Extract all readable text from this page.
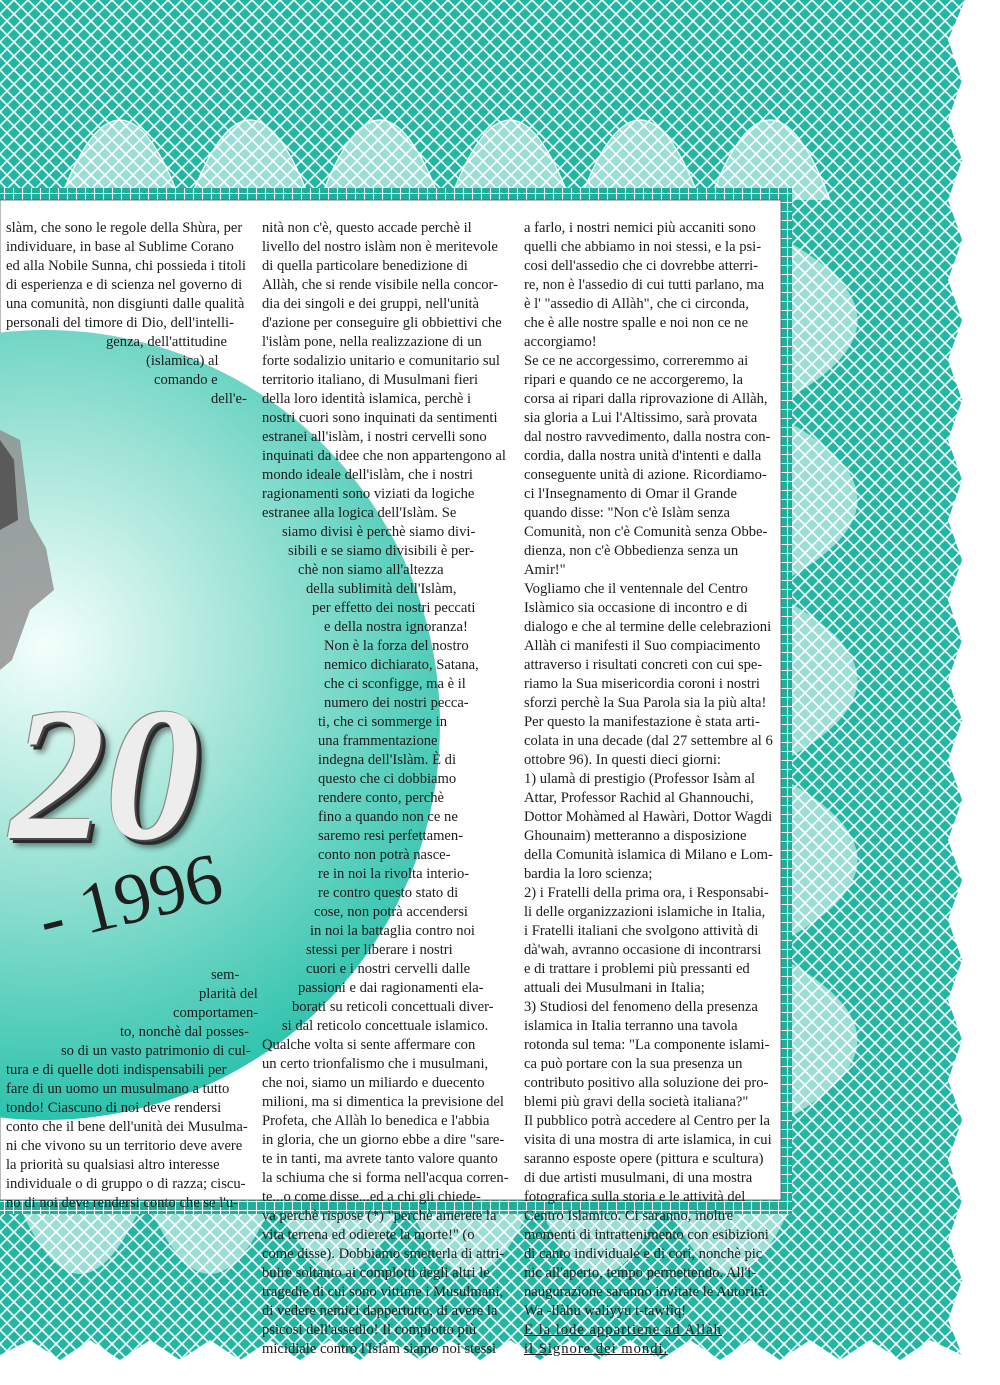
20
- 1996
slàm, che sono le regole della Shùra, per
individuare, in base al Sublime Corano
ed alla Nobile Sunna, chi possieda i titoli
di esperienza e di scienza nel governo di
una comunità, non disgiunti dalle qualità
personali del timore di Dio, dell'intelli-
genza, dell'attitudine
(islamica) al
comando e
dell'e-
sem-
plarità del
comportamen-
to, nonchè dal posses-
so di un vasto patrimonio di cul-
tura e di quelle doti indispensabili per
fare di un uomo un musulmano a tutto
tondo! Ciascuno di noi deve rendersi
conto che il bene dell'unità dei Musulma-
ni che vivono su un territorio deve avere
la priorità su qualsiasi altro interesse
individuale o di gruppo o di razza; ciscu-
no di noi deve rendersi conto che se l'u-
nità non c'è, questo accade perchè il
livello del nostro islàm non è meritevole
di quella particolare benedizione di
Allàh, che si rende visibile nella concor-
dia dei singoli e dei gruppi, nell'unità
d'azione per conseguire gli obbiettivi che
l'islàm pone, nella realizzazione di un
forte sodalizio unitario e comunitario sul
territorio italiano, di Musulmani fieri
della loro identità islamica, perchè i
nostri cuori sono inquinati da sentimenti
estranei all'islàm, i nostri cervelli sono
inquinati da idee che non appartengono al
mondo ideale dell'islàm, che i nostri
ragionamenti sono viziati da logiche
estranee alla logica dell'Islàm. Se
siamo divisi è perchè siamo divi-
sibili e se siamo divisibili è per-
chè non siamo all'altezza
della sublimità dell'Islàm,
per effetto dei nostri peccati
e della nostra ignoranza!
Non è la forza del nostro
nemico dichiarato, Satana,
che ci sconfigge, ma è il
numero dei nostri pecca-
ti, che ci sommerge in
una frammentazione
indegna dell'Islàm. È di
questo che ci dobbiamo
rendere conto, perchè
fino a quando non ce ne
saremo resi perfettamen-
conto non potrà nasce-
re in noi la rivolta interio-
re contro questo stato di
cose, non potrà accendersi
in noi la battaglia contro noi
stessi per liberare i nostri
cuori e i nostri cervelli dalle
passioni e dai ragionamenti ela-
borati su reticoli concettuali diver-
si dal reticolo concettuale islamico.
Qualche volta si sente affermare con
un certo trionfalismo che i musulmani,
che noi, siamo un miliardo e duecento
milioni, ma si dimentica la previsione del
Profeta, che Allàh lo benedica e l'abbia
in gloria, che un giorno ebbe a dire "sare-
te in tanti, ma avrete tanto valore quanto
la schiuma che si forma nell'acqua corren-
te...o come disse...ed a chi gli chiede-
va perchè rispose (*) "perchè amerete la
vita terrena ed odierete la morte!" (o
come disse). Dobbiamo smetterla di attri-
buire soltanto ai complotti degli altri le
tragedie di cui sono vittime i Musulmani,
di vedere nemici dappertutto, di avere la
psicosi dell'assedio! Il complotto più
micidiale contro l'Islàm siamo noi stessi
a farlo, i nostri nemici più accaniti sono
quelli che abbiamo in noi stessi, e la psi-
cosi dell'assedio che ci dovrebbe atterri-
re, non è l'assedio di cui tutti parlano, ma
è l' "assedio di Allàh", che ci circonda,
che è alle nostre spalle e noi non ce ne
accorgiamo!
Se ce ne accorgessimo, correremmo ai
ripari e quando ce ne accorgeremo, la
corsa ai ripari dalla riprovazione di Allàh,
sia gloria a Lui l'Altissimo, sarà provata
dal nostro ravvedimento, dalla nostra con-
cordia, dalla nostra unità d'intenti e dalla
conseguente unità di azione. Ricordiamo-
ci l'Insegnamento di Omar il Grande
quando disse: "Non c'è Islàm senza
Comunità, non c'è Comunità senza Obbe-
dienza, non c'è Obbedienza senza un
Amir!"
Vogliamo che il ventennale del Centro
Islàmico sia occasione di incontro e di
dialogo e che al termine delle celebrazioni
Allàh ci manifesti il Suo compiacimento
attraverso i risultati concreti con cui spe-
riamo la Sua misericordia coroni i nostri
sforzi perchè la Sua Parola sia la più alta!
Per questo la manifestazione è stata arti-
colata in una decade (dal 27 settembre al 6
ottobre 96). In questi dieci giorni:
1) ulamà di prestigio (Professor Isàm al
Attar, Professor Rachid al Ghannouchi,
Dottor Mohàmed al Hawàri, Dottor Wagdi
Ghounaim) metteranno a disposizione
della Comunità islamica di Milano e Lom-
bardia la loro scienza;
2) i Fratelli della prima ora, i Responsabi-
li delle organizzazioni islamiche in Italia,
i Fratelli italiani che svolgono attività di
dà'wah, avranno occasione di incontrarsi
e di trattare i problemi più pressanti ed
attuali dei Musulmani in Italia;
3) Studiosi del fenomeno della presenza
islamica in Italia terranno una tavola
rotonda sul tema: "La componente islami-
ca può portare con la sua presenza un
contributo positivo alla soluzione dei pro-
blemi più gravi della società italiana?"
Il pubblico potrà accedere al Centro per la
visita di una mostra di arte islamica, in cui
saranno esposte opere (pittura e scultura)
di due artisti musulmani, di una mostra
fotografica sulla storia e le attività del
Centro Islamico. Ci saranno, inoltre
momenti di intrattenimento con esibizioni
di canto individuale e di cori, nonchè pic
nic all'aperto, tempo permettendo. All'i-
naugurazione saranno invitate le Autorità.
Wa -llàhu waliyyu t-tawfìq!
E la lode appartiene ad Allàh
il Signore dei mondi.
